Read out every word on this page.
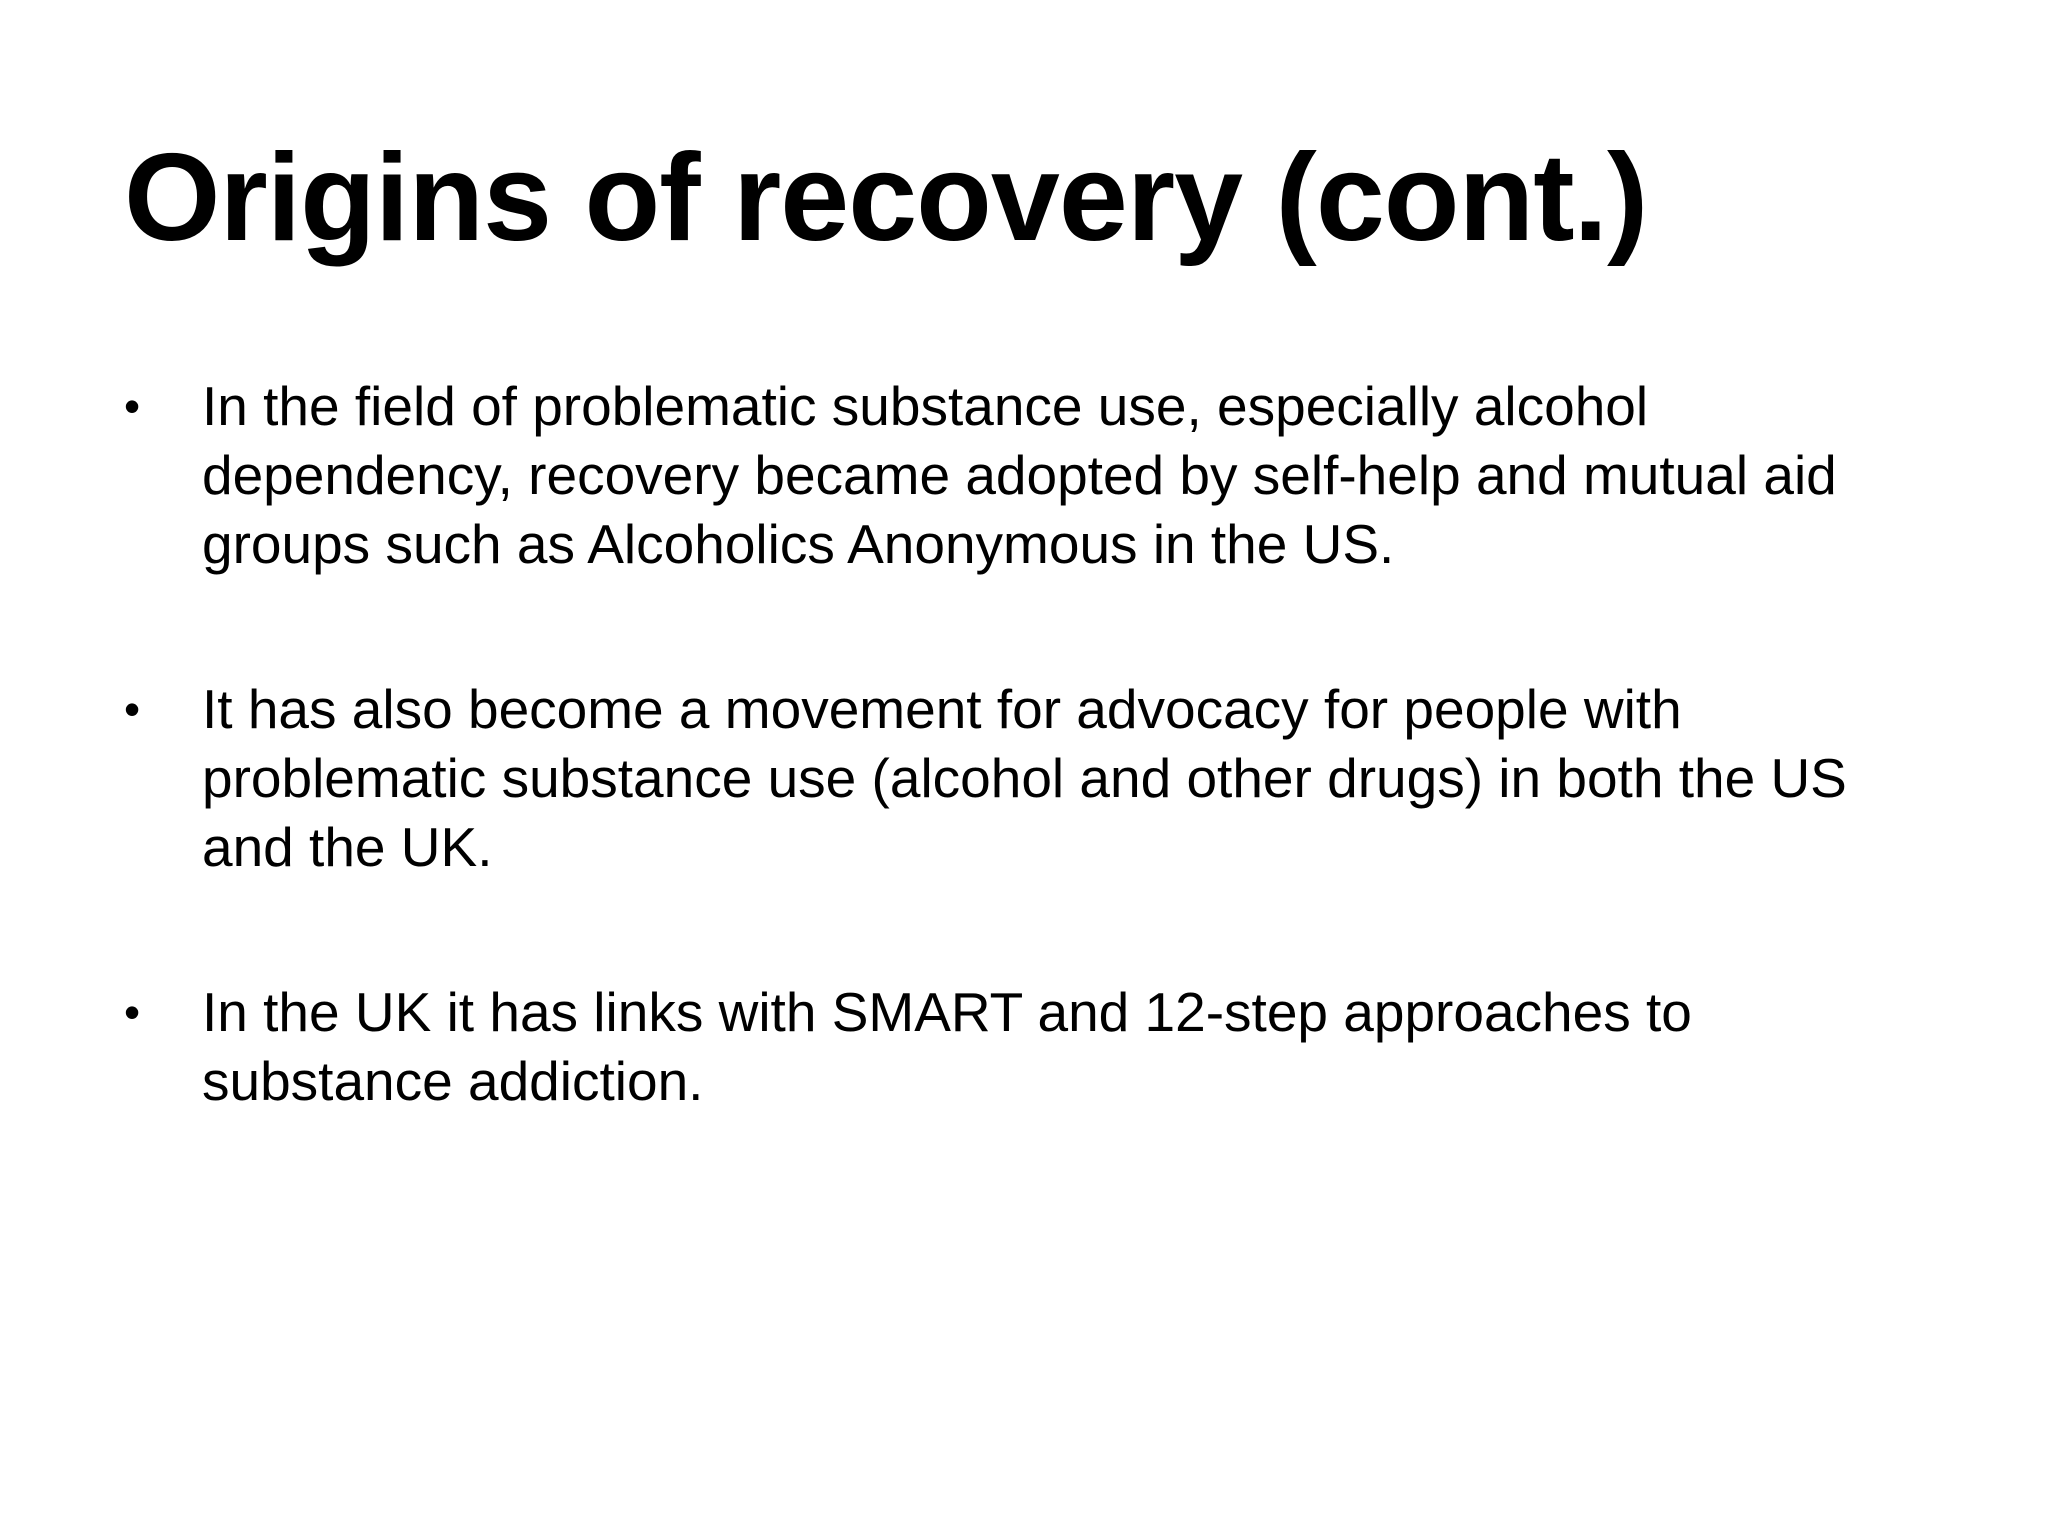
Origins of recovery (cont.)
• In the field of problematic substance use, especially alcohol dependency, recovery became adopted by self-help and mutual aid groups such as Alcoholics Anonymous in the US.
• It has also become a movement for advocacy for people with problematic substance use (alcohol and other drugs) in both the US and the UK.
• In the UK it has links with SMART and 12-step approaches to substance addiction.
